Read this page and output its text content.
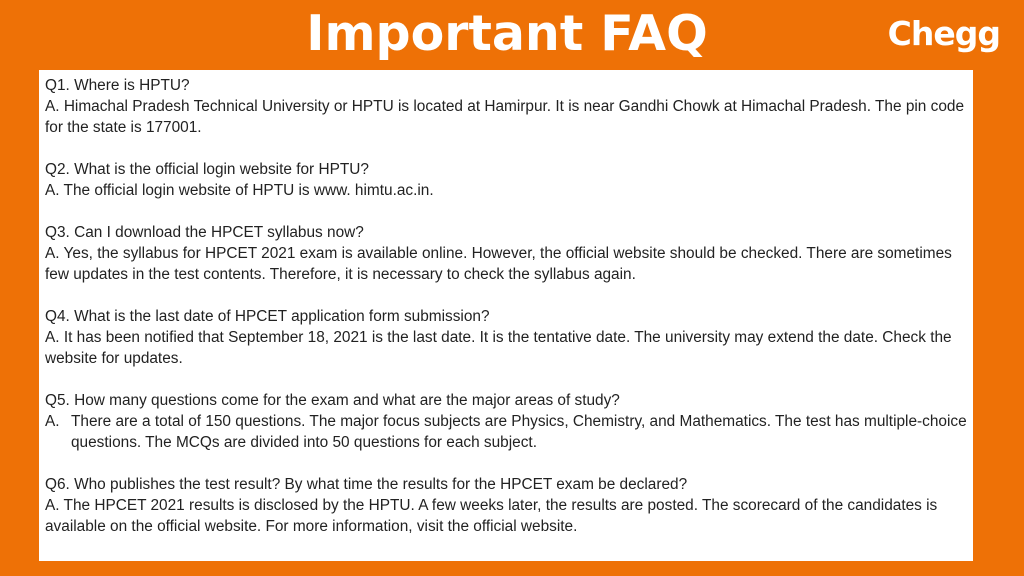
Important FAQ	Chegg

Q1. Where is HPTU?

A. Himachal Pradesh Technical University or HPTU is located at Hamirpur. It is near Gandhi Chowk at Himachal Pradesh. The pin code for the state is 177001.

Q2. What is the official login website for HPTU?

A. The official login website of HPTU is www. himtu.ac.in.

Q3. Can I download the HPCET syllabus now?

A. Yes, the syllabus for HPCET 2021 exam is available online. However, the official website should be checked. There are sometimes few updates in the test contents. Therefore, it is necessary to check the syllabus again.

Q4. What is the last date of HPCET application form submission?

A. It has been notified that September 18, 2021 is the last date. It is the tentative date. The university may extend the date. Check the website for updates.

Q5. How many questions come for the exam and what are the major areas of study?

A. There are a total of 150 questions. The major focus subjects are Physics, Chemistry, and Mathematics. The test has multiple-choice questions. The MCQs are divided into 50 questions for each subject.

Q6. Who publishes the test result? By what time the results for the HPCET exam be declared?

A. The HPCET 2021 results is disclosed by the HPTU. A few weeks later, the results are posted. The scorecard of the candidates is available on the official website. For more information, visit the official website.
